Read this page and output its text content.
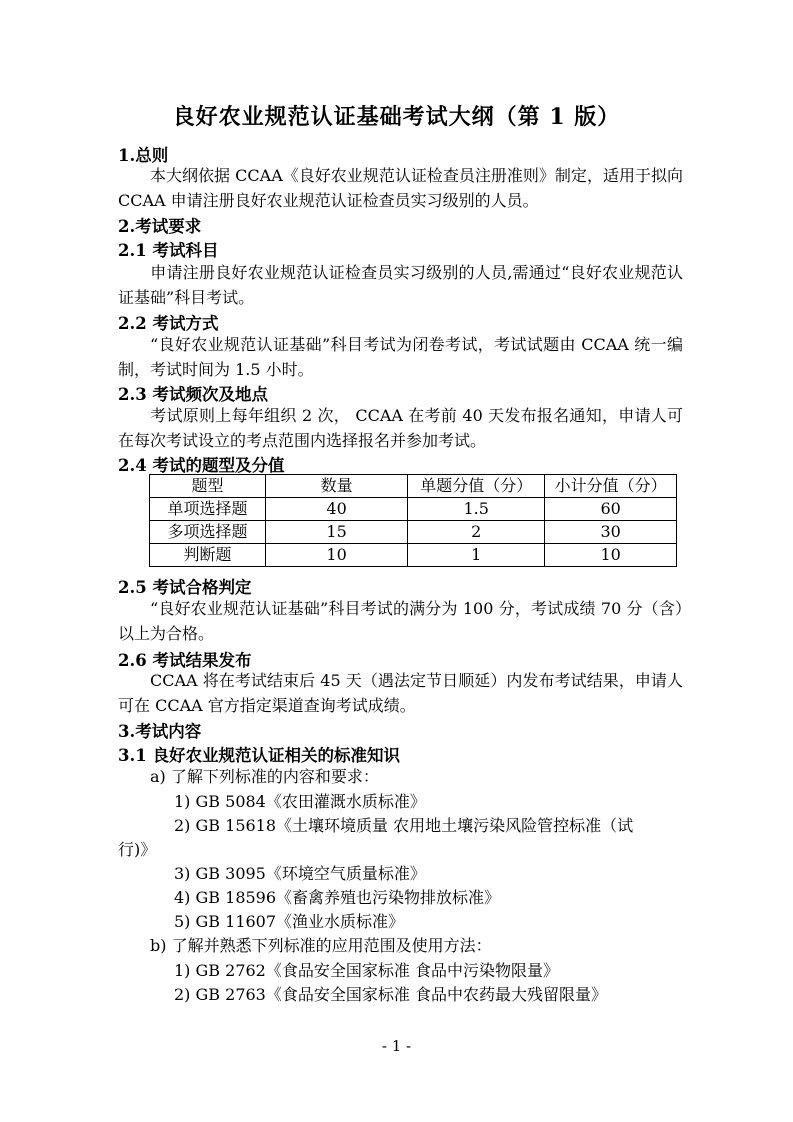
良好农业规范认证基础考试大纲（第 1 版）
1.总则
本大纲依据 CCAA《良好农业规范认证检查员注册准则》制定，适用于拟向 CCAA 申请注册良好农业规范认证检查员实习级别的人员。
2.考试要求
2.1 考试科目
申请注册良好农业规范认证检查员实习级别的人员,需通过“良好农业规范认证基础”科目考试。
2.2 考试方式
“良好农业规范认证基础”科目考试为闭卷考试，考试试题由 CCAA 统一编制，考试时间为 1.5 小时。
2.3 考试频次及地点
考试原则上每年组织 2 次， CCAA 在考前 40 天发布报名通知，申请人可在每次考试设立的考点范围内选择报名并参加考试。
2.4 考试的题型及分值
题型	数量	单题分值（分）	小计分值（分）
单项选择题	40	1.5	60
多项选择题	15	2	30
判断题	10	1	10
2.5 考试合格判定
“良好农业规范认证基础”科目考试的满分为 100 分，考试成绩 70 分（含）以上为合格。
2.6 考试结果发布
CCAA 将在考试结束后 45 天（遇法定节日顺延）内发布考试结果，申请人可在 CCAA 官方指定渠道查询考试成绩。
3.考试内容
3.1 良好农业规范认证相关的标准知识
a) 了解下列标准的内容和要求：
1) GB 5084《农田灌溉水质标准》
2) GB 15618《土壤环境质量 农用地土壤污染风险管控标准（试
行)》
3) GB 3095《环境空气质量标准》
4) GB 18596《畜禽养殖也污染物排放标准》
5) GB 11607《渔业水质标准》
b) 了解并熟悉下列标准的应用范围及使用方法：
1) GB 2762《食品安全国家标准 食品中污染物限量》
2) GB 2763《食品安全国家标准 食品中农药最大残留限量》
- 1 -
